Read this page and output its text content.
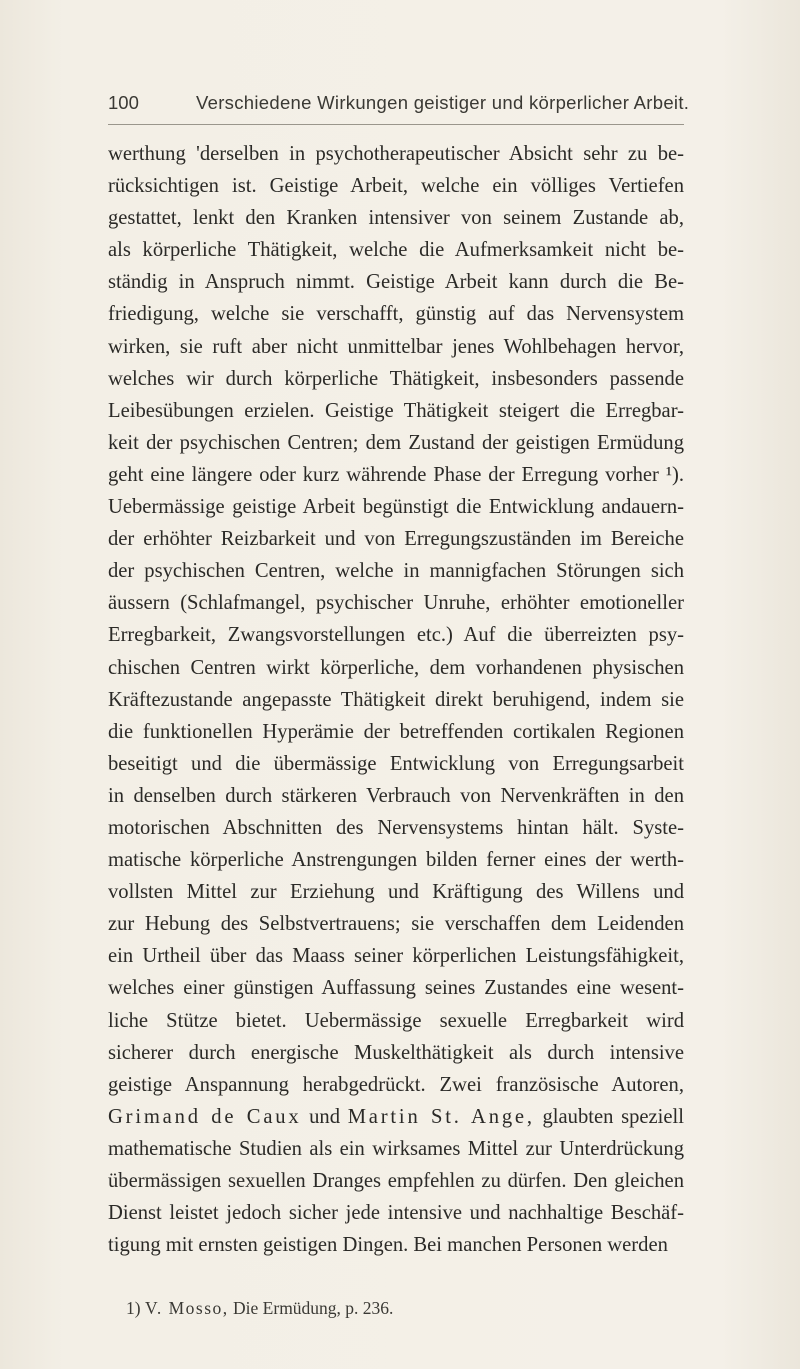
100	Verschiedene Wirkungen geistiger und körperlicher Arbeit.
werthung 'derselben in psychotherapeutischer Absicht sehr zu be-
rücksichtigen ist. Geistige Arbeit, welche ein völliges Vertiefen
gestattet, lenkt den Kranken intensiver von seinem Zustande ab,
als körperliche Thätigkeit, welche die Aufmerksamkeit nicht be-
ständig in Anspruch nimmt. Geistige Arbeit kann durch die Be-
friedigung, welche sie verschafft, günstig auf das Nervensystem
wirken, sie ruft aber nicht unmittelbar jenes Wohlbehagen hervor,
welches wir durch körperliche Thätigkeit, insbesonders passende
Leibesübungen erzielen. Geistige Thätigkeit steigert die Erregbar-
keit der psychischen Centren; dem Zustand der geistigen Ermüdung
geht eine längere oder kurz währende Phase der Erregung vorher ¹).
Uebermässige geistige Arbeit begünstigt die Entwicklung andauern-
der erhöhter Reizbarkeit und von Erregungszuständen im Bereiche
der psychischen Centren, welche in mannigfachen Störungen sich
äussern (Schlafmangel, psychischer Unruhe, erhöhter emotioneller
Erregbarkeit, Zwangsvorstellungen etc.) Auf die überreizten psy-
chischen Centren wirkt körperliche, dem vorhandenen physischen
Kräftezustande angepasste Thätigkeit direkt beruhigend, indem sie
die funktionellen Hyperämie der betreffenden cortikalen Regionen
beseitigt und die übermässige Entwicklung von Erregungsarbeit
in denselben durch stärkeren Verbrauch von Nervenkräften in den
motorischen Abschnitten des Nervensystems hintan hält. Syste-
matische körperliche Anstrengungen bilden ferner eines der werth-
vollsten Mittel zur Erziehung und Kräftigung des Willens und
zur Hebung des Selbstvertrauens; sie verschaffen dem Leidenden
ein Urtheil über das Maass seiner körperlichen Leistungsfähigkeit,
welches einer günstigen Auffassung seines Zustandes eine wesent-
liche Stütze bietet. Uebermässige sexuelle Erregbarkeit wird
sicherer durch energische Muskelthätigkeit als durch intensive
geistige Anspannung herabgedrückt. Zwei französische Autoren,
Grimand de Caux und Martin St. Ange, glaubten speziell
mathematische Studien als ein wirksames Mittel zur Unterdrückung
übermässigen sexuellen Dranges empfehlen zu dürfen. Den gleichen
Dienst leistet jedoch sicher jede intensive und nachhaltige Beschäf-
tigung mit ernsten geistigen Dingen. Bei manchen Personen werden
1) V. Mosso, Die Ermüdung, p. 236.
